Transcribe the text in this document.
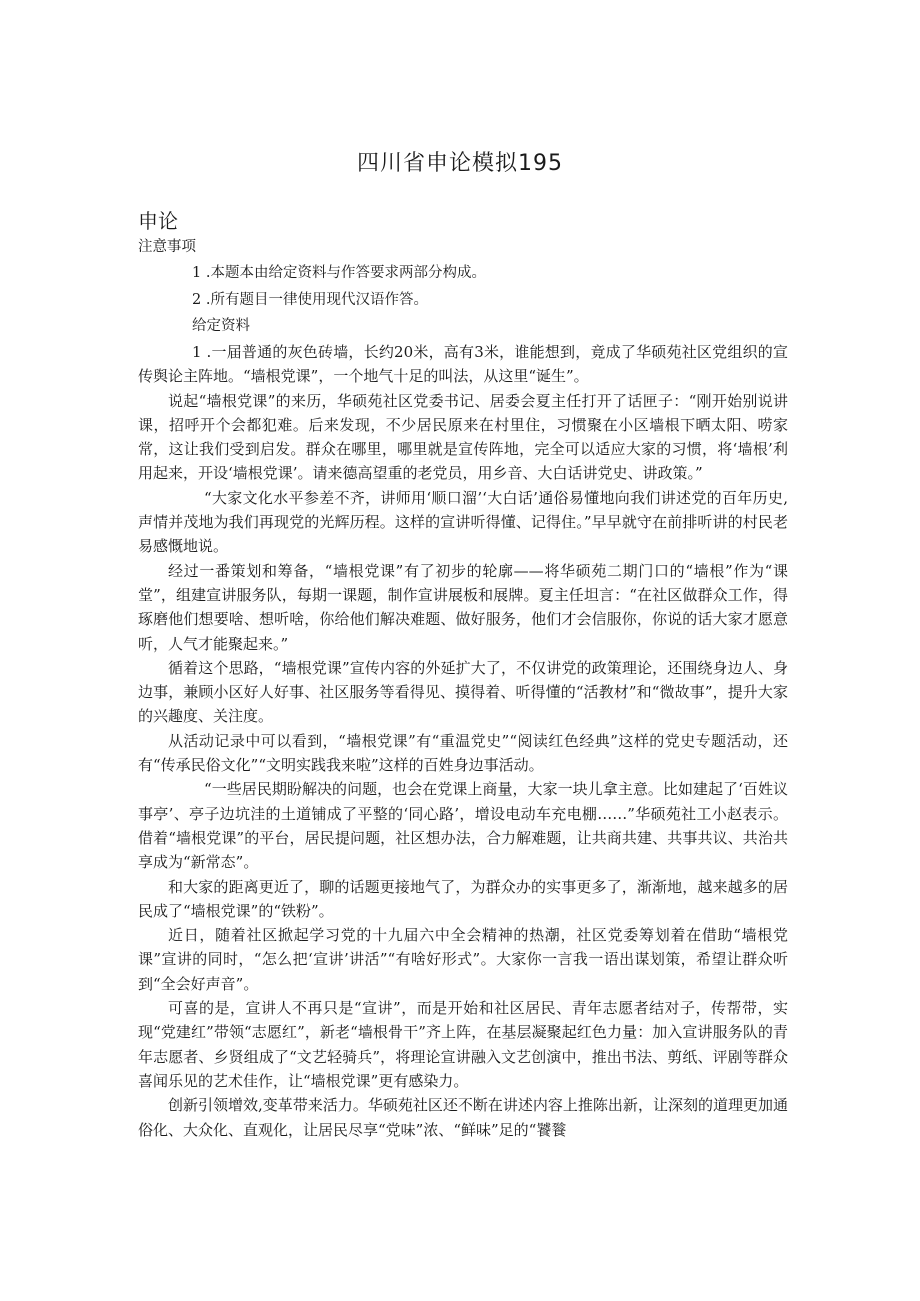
四川省申论模拟195
申论
注意事项
1 .本题本由给定资料与作答要求两部分构成。
2 .所有题目一律使用现代汉语作答。
给定资料

1 .一届普通的灰色砖墙，长约20米，高有3米，谁能想到，竟成了华硕苑社区党组织的宣传舆论主阵地。“墙根党课”，一个地气十足的叫法，从这里“诞生”。

说起“墙根党课”的来历，华硕苑社区党委书记、居委会夏主任打开了话匣子：“刚开始别说讲课，招呼开个会都犯难。后来发现，不少居民原来在村里住，习惯聚在小区墙根下晒太阳、唠家常，这让我们受到启发。群众在哪里，哪里就是宣传阵地，完全可以适应大家的习惯，将‘墙根’利用起来，开设‘墙根党课’。请来德高望重的老党员，用乡音、大白话讲党史、讲政策。”

“大家文化水平参差不齐，讲师用‘顺口溜’‘大白话’通俗易懂地向我们讲述党的百年历史,声情并茂地为我们再现党的光辉历程。这样的宣讲听得懂、记得住。”早早就守在前排听讲的村民老易感慨地说。

经过一番策划和筹备，“墙根党课”有了初步的轮廓——将华硕苑二期门口的“墙根”作为“课堂”，组建宣讲服务队，每期一课题，制作宣讲展板和展牌。夏主任坦言：“在社区做群众工作，得琢磨他们想要啥、想听啥，你给他们解决难题、做好服务，他们才会信服你，你说的话大家才愿意听，人气才能聚起来。”

循着这个思路，“墙根党课”宣传内容的外延扩大了，不仅讲党的政策理论，还围绕身边人、身边事，兼顾小区好人好事、社区服务等看得见、摸得着、听得懂的“活教材”和“微故事”，提升大家的兴趣度、关注度。

从活动记录中可以看到，“墙根党课”有“重温党史”“阅读红色经典”这样的党史专题活动，还有“传承民俗文化”“文明实践我来啦”这样的百姓身边事活动。

“一些居民期盼解决的问题，也会在党课上商量，大家一块儿拿主意。比如建起了‘百姓议事亭’、亭子边坑洼的土道铺成了平整的‘同心路’，增设电动车充电棚……”华硕苑社工小赵表示。借着“墙根党课”的平台，居民提问题，社区想办法，合力解难题，让共商共建、共事共议、共治共享成为“新常态”。

和大家的距离更近了，聊的话题更接地气了，为群众办的实事更多了，渐渐地，越来越多的居民成了“墙根党课”的“铁粉”。

近日，随着社区掀起学习党的十九届六中全会精神的热潮，社区党委筹划着在借助“墙根党课”宣讲的同时，“怎么把‘宣讲’讲活”“有啥好形式”。大家你一言我一语出谋划策，希望让群众听到“全会好声音”。

可喜的是，宣讲人不再只是“宣讲”，而是开始和社区居民、青年志愿者结对子，传帮带，实现“党建红”带领“志愿红”，新老“墙根骨干”齐上阵，在基层凝聚起红色力量：加入宣讲服务队的青年志愿者、乡贤组成了“文艺轻骑兵”，将理论宣讲融入文艺创演中，推出书法、剪纸、评剧等群众喜闻乐见的艺术佳作，让“墙根党课”更有感染力。

创新引领增效,变革带来活力。华硕苑社区还不断在讲述内容上推陈出新，让深刻的道理更加通俗化、大众化、直观化，让居民尽享“党味”浓、“鲜味”足的“饕餮
